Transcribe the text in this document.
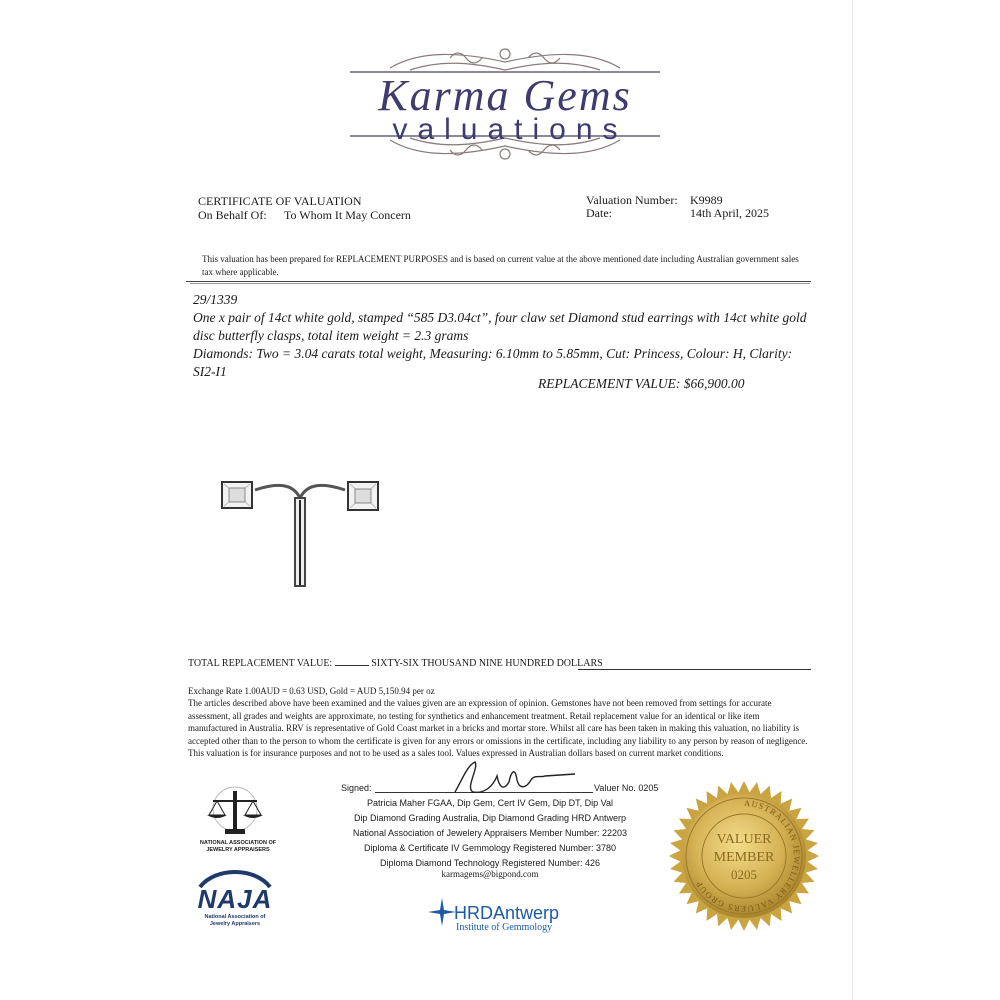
Karma Gems
valuations
CERTIFICATE OF VALUATION
On Behalf Of: To Whom It May Concern
Valuation Number: K9989
Date:	14th April, 2025
This valuation has been prepared for REPLACEMENT PURPOSES and is based on current value at the above mentioned date including Australian government sales tax where applicable.
29/1339
One x pair of 14ct white gold, stamped “585 D3.04ct”, four claw set Diamond stud earrings with 14ct white gold disc butterfly clasps, total item weight = 2.3 grams
Diamonds: Two = 3.04 carats total weight, Measuring: 6.10mm to 5.85mm, Cut: Princess, Colour: H, Clarity: SI2-I1
REPLACEMENT VALUE: $66,900.00
TOTAL REPLACEMENT VALUE:	SIXTY-SIX THOUSAND NINE HUNDRED DOLLARS
Exchange Rate 1.00AUD = 0.63 USD, Gold = AUD 5,150.94 per oz
The articles described above have been examined and the values given are an expression of opinion. Gemstones have not been removed from settings for accurate assessment, all grades and weights are approximate, no testing for synthetics and enhancement treatment. Retail replacement value for an identical or like item manufactured in Australia. RRV is representative of Gold Coast market in a bricks and mortar store. Whilst all care has been taken in making this valuation, no liability is accepted other than to the person to whom the certificate is given for any errors or omissions in the certificate, including any liability to any person by reason of negligence. This valuation is for insurance purposes and not to be used as a sales tool. Values expressed in Australian dollars based on current market conditions.
Signed:	Valuer No. 0205
Patricia Maher FGAA, Dip Gem, Cert IV Gem, Dip DT, Dip Val
Dip Diamond Grading Australia, Dip Diamond Grading HRD Antwerp
National Association of Jewelery Appraisers Member Number: 22203
Diploma & Certificate IV Gemmology Registered Number: 3780
Diploma Diamond Technology Registered Number: 426
karmagems@bigpond.com
NATIONAL ASSOCIATION OF JEWELRY APPRAISERS
NAJA
National Association of
Jewelry Appraisers
HRDAntwerp
Institute of Gemmology
AUSTRALIAN JEWELLERY VALUERS GROUP
VALUER
MEMBER
0205
